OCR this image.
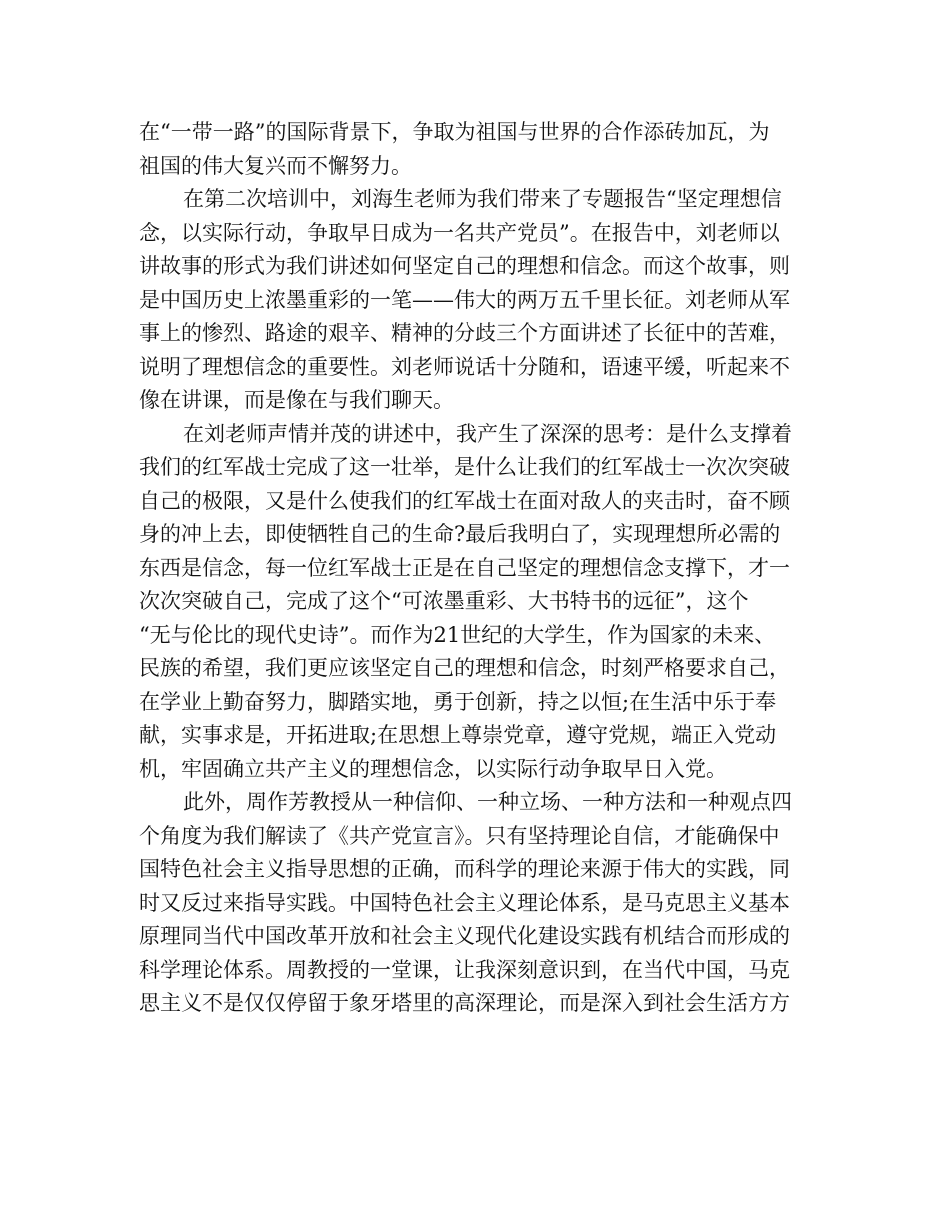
在“一带一路”的国际背景下，争取为祖国与世界的合作添砖加瓦，为
祖国的伟大复兴而不懈努力。
在第二次培训中，刘海生老师为我们带来了专题报告“坚定理想信
念，以实际行动，争取早日成为一名共产党员”。在报告中，刘老师以
讲故事的形式为我们讲述如何坚定自己的理想和信念。而这个故事，则
是中国历史上浓墨重彩的一笔——伟大的两万五千里长征。刘老师从军
事上的惨烈、路途的艰辛、精神的分歧三个方面讲述了长征中的苦难，
说明了理想信念的重要性。刘老师说话十分随和，语速平缓，听起来不
像在讲课，而是像在与我们聊天。
在刘老师声情并茂的讲述中，我产生了深深的思考：是什么支撑着
我们的红军战士完成了这一壮举，是什么让我们的红军战士一次次突破
自己的极限，又是什么使我们的红军战士在面对敌人的夹击时，奋不顾
身的冲上去，即使牺牲自己的生命?最后我明白了，实现理想所必需的
东西是信念，每一位红军战士正是在自己坚定的理想信念支撑下，才一
次次突破自己，完成了这个“可浓墨重彩、大书特书的远征”，这个
“无与伦比的现代史诗”。而作为21世纪的大学生，作为国家的未来、
民族的希望，我们更应该坚定自己的理想和信念，时刻严格要求自己，
在学业上勤奋努力，脚踏实地，勇于创新，持之以恒;在生活中乐于奉
献，实事求是，开拓进取;在思想上尊崇党章，遵守党规，端正入党动
机，牢固确立共产主义的理想信念，以实际行动争取早日入党。
此外，周作芳教授从一种信仰、一种立场、一种方法和一种观点四
个角度为我们解读了《共产党宣言》。只有坚持理论自信，才能确保中
国特色社会主义指导思想的正确，而科学的理论来源于伟大的实践，同
时又反过来指导实践。中国特色社会主义理论体系，是马克思主义基本
原理同当代中国改革开放和社会主义现代化建设实践有机结合而形成的
科学理论体系。周教授的一堂课，让我深刻意识到，在当代中国，马克
思主义不是仅仅停留于象牙塔里的高深理论，而是深入到社会生活方方
